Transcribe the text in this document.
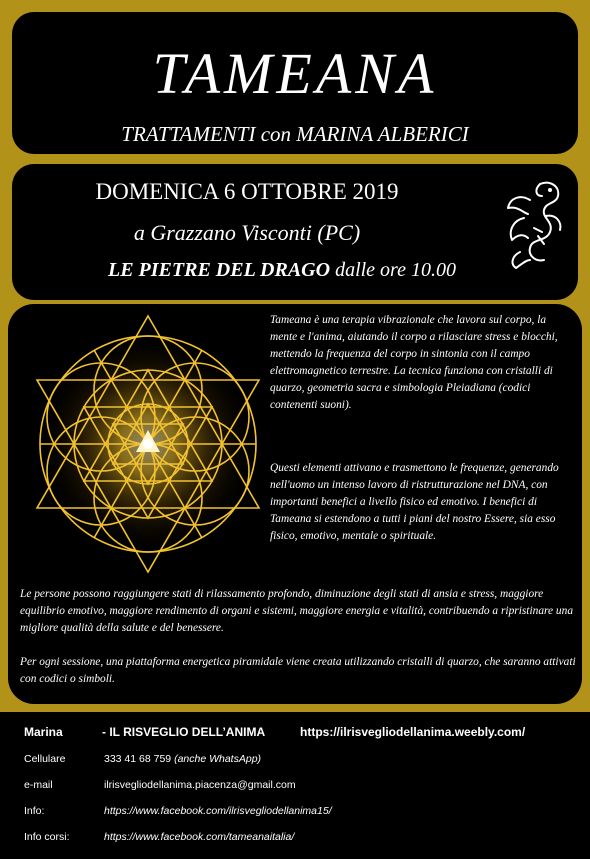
TAMEANA
TRATTAMENTI con MARINA ALBERICI
DOMENICA 6 OTTOBRE 2019
a Grazzano Visconti (PC)
LE PIETRE DEL DRAGO dalle ore 10.00
Tameana è una terapia vibrazionale che lavora sul corpo, la mente e l'anima, aiutando il corpo a rilasciare stress e blocchi, mettendo la frequenza del corpo in sintonia con il campo elettromagnetico terrestre. La tecnica funziona con cristalli di quarzo, geometria sacra e simbologia Pleiadiana (codici contenenti suoni).
Questi elementi attivano e trasmettono le frequenze, generando nell'uomo un intenso lavoro di ristrutturazione nel DNA, con importanti benefici a livello fisico ed emotivo. I benefici di Tameana si estendono a tutti i piani del nostro Essere, sia esso fisico, emotivo, mentale o spirituale.
Le persone possono raggiungere stati di rilassamento profondo, diminuzione degli stati di ansia e stress, maggiore equilibrio emotivo, maggiore rendimento di organi e sistemi, maggiore energia e vitalità, contribuendo a ripristinare una migliore qualità della salute e del benessere.
Per ogni sessione, una piattaforma energetica piramidale viene creata utilizzando cristalli di quarzo, che saranno attivati con codici o simboli.
Marina	- IL RISVEGLIO DELL’ANIMA	https://ilrisvegliodellanima.weebly.com/
Cellulare	333 41 68 759 (anche WhatsApp)
e-mail	ilrisvegliodellanima.piacenza@gmail.com
Info:	https://www.facebook.com/ilrisvegliodellanima15/
Info corsi:	https://www.facebook.com/tameanaitalia/
